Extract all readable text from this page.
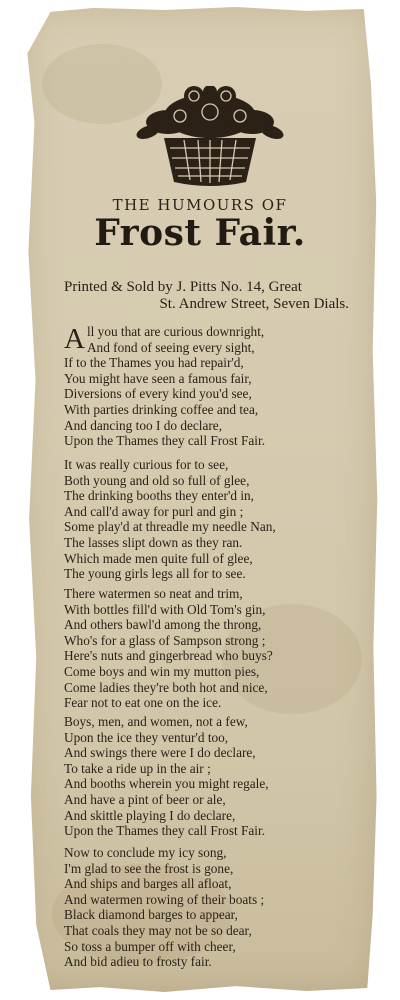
THE HUMOURS OF

Frost Fair.

Printed & Sold by J. Pitts No. 14, Great
St. Andrew Street, Seven Dials.
A ll you that are curious downright,
And fond of seeing every sight,
If to the Thames you had repair'd,
You might have seen a famous fair,
Diversions of every kind you'd see,
With parties drinking coffee and tea,
And dancing too I do declare,
Upon the Thames they call Frost Fair.
It was really curious for to see,
Both young and old so full of glee,
The drinking booths they enter'd in,
And call'd away for purl and gin ;
Some play'd at threadle my needle Nan,
The lasses slipt down as they ran.
Which made men quite full of glee,
The young girls legs all for to see.
There watermen so neat and trim,
With bottles fill'd with Old Tom's gin,
And others bawl'd among the throng,
Who's for a glass of Sampson strong ;
Here's nuts and gingerbread who buys?
Come boys and win my mutton pies,
Come ladies they're both hot and nice,
Fear not to eat one on the ice.
Boys, men, and women, not a few,
Upon the ice they ventur'd too,
And swings there were I do declare,
To take a ride up in the air ;
And booths wherein you might regale,
And have a pint of beer or ale,
And skittle playing I do declare,
Upon the Thames they call Frost Fair.
Now to conclude my icy song,
I'm glad to see the frost is gone,
And ships and barges all afloat,
And watermen rowing of their boats ;
Black diamond barges to appear,
That coals they may not be so dear,
So toss a bumper off with cheer,
And bid adieu to frosty fair.
